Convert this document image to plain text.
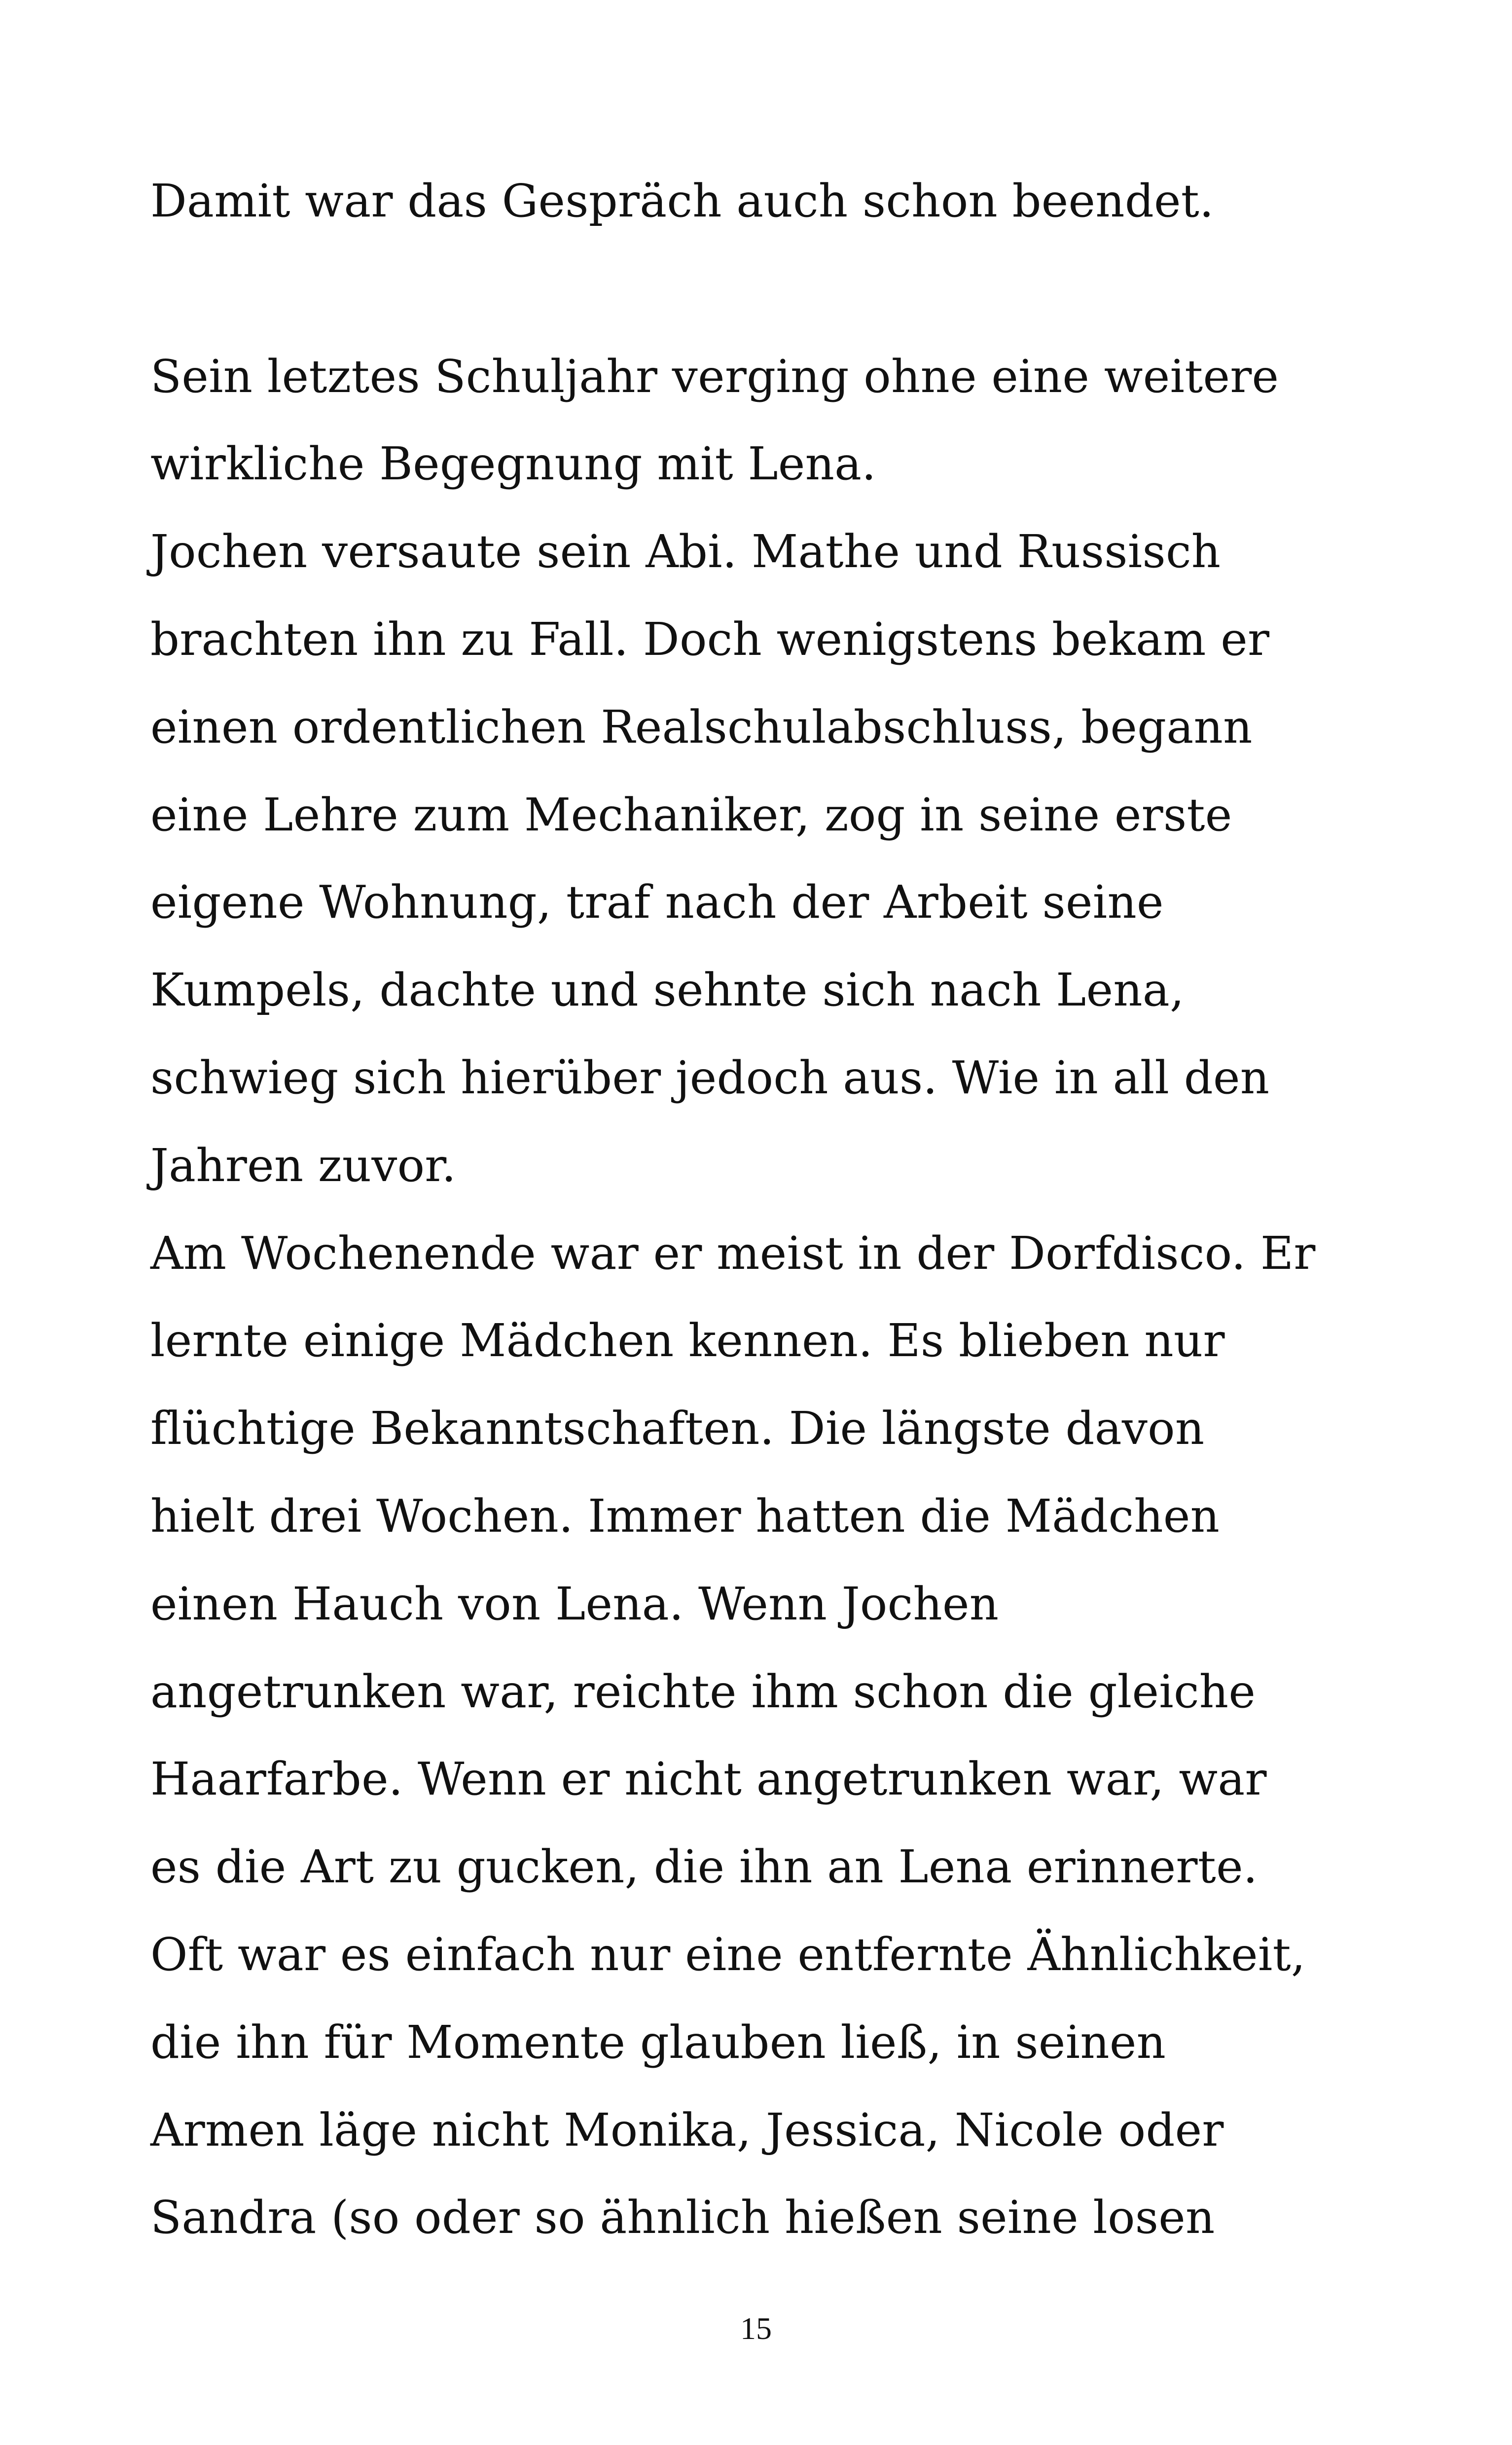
Damit war das Gespräch auch schon beendet.
Sein letztes Schuljahr verging ohne eine weitere
wirkliche Begegnung mit Lena.
Jochen versaute sein Abi. Mathe und Russisch
brachten ihn zu Fall. Doch wenigstens bekam er
einen ordentlichen Realschulabschluss, begann
eine Lehre zum Mechaniker, zog in seine erste
eigene Wohnung, traf nach der Arbeit seine
Kumpels, dachte und sehnte sich nach Lena,
schwieg sich hierüber jedoch aus. Wie in all den
Jahren zuvor.
Am Wochenende war er meist in der Dorfdisco. Er
lernte einige Mädchen kennen. Es blieben nur
flüchtige Bekanntschaften. Die längste davon
hielt drei Wochen. Immer hatten die Mädchen
einen Hauch von Lena. Wenn Jochen
angetrunken war, reichte ihm schon die gleiche
Haarfarbe. Wenn er nicht angetrunken war, war
es die Art zu gucken, die ihn an Lena erinnerte.
Oft war es einfach nur eine entfernte Ähnlichkeit,
die ihn für Momente glauben ließ, in seinen
Armen läge nicht Monika, Jessica, Nicole oder
Sandra (so oder so ähnlich hießen seine losen
15
